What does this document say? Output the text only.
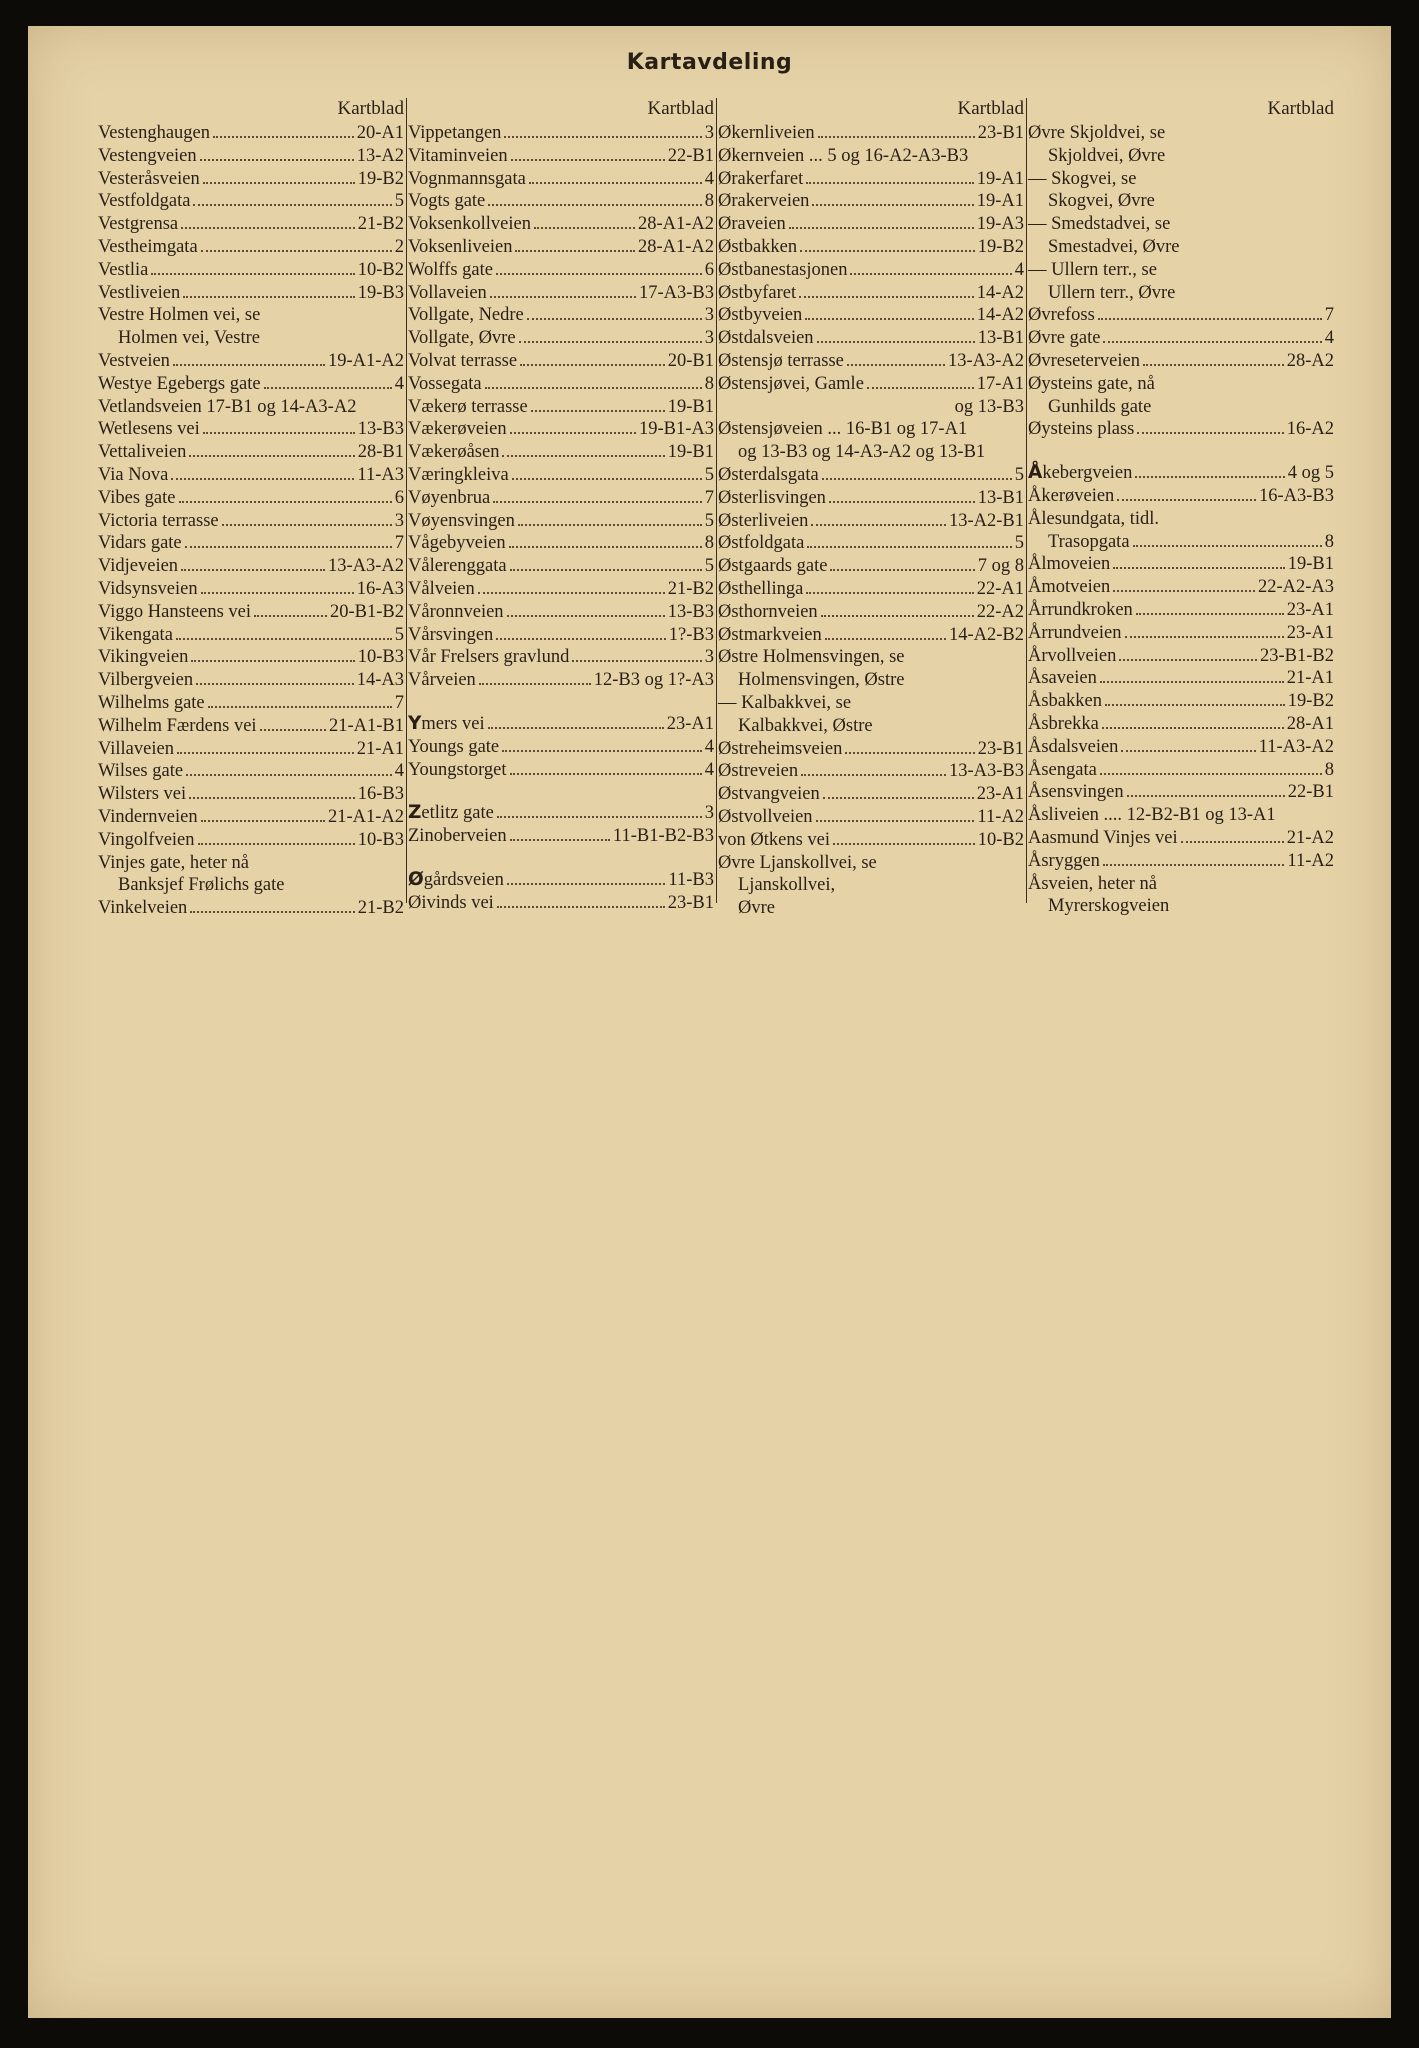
Kartavdeling
Kartblad
Vestenghaugen	20-A1
Vestengveien	13-A2
Vesteråsveien	19-B2
Vestfoldgata	5
Vestgrensa	21-B2
Vestheimgata	2
Vestlia	10-B2
Vestliveien	19-B3
Vestre Holmen vei, se
Holmen vei, Vestre
Vestveien	19-A1-A2
Westye Egebergs gate	4
Vetlandsveien 17-B1 og 14-A3-A2
Wetlesens vei	13-B3
Vettaliveien	28-B1
Via Nova	11-A3
Vibes gate	6
Victoria terrasse	3
Vidars gate	7
Vidjeveien	13-A3-A2
Vidsynsveien	16-A3
Viggo Hansteens vei	20-B1-B2
Vikengata	5
Vikingveien	10-B3
Vilbergveien	14-A3
Wilhelms gate	7
Wilhelm Færdens vei	21-A1-B1
Villaveien	21-A1
Wilses gate	4
Wilsters vei	16-B3
Vindernveien	21-A1-A2
Vingolfveien	10-B3
Vinjes gate, heter nå
Banksjef Frølichs gate
Vinkelveien	21-B2
Kartblad
Vippetangen	3
Vitaminveien	22-B1
Vognmannsgata	4
Vogts gate	8
Voksenkollveien	28-A1-A2
Voksenliveien	28-A1-A2
Wolffs gate	6
Vollaveien	17-A3-B3
Vollgate, Nedre	3
Vollgate, Øvre	3
Volvat terrasse	20-B1
Vossegata	8
Vækerø terrasse	19-B1
Vækerøveien	19-B1-A3
Vækerøåsen	19-B1
Væringkleiva	5
Vøyenbrua	7
Vøyensvingen	5
Vågebyveien	8
Vålerenggata	5
Vålveien	21-B2
Våronnveien	13-B3
Vårsvingen	1?-B3
Vår Frelsers gravlund	3
Vårveien	12-B3 og 1?-A3
Ymers vei	23-A1
Youngs gate	4
Youngstorget	4
Zetlitz gate	3
Zinoberveien	11-B1-B2-B3
Øgårdsveien	11-B3
Øivinds vei	23-B1
Kartblad
Økernliveien	23-B1
Økernveien ... 5 og 16-A2-A3-B3
Ørakerfaret	19-A1
Ørakerveien	19-A1
Øraveien	19-A3
Østbakken	19-B2
Østbanestasjonen	4
Østbyfaret	14-A2
Østbyveien	14-A2
Østdalsveien	13-B1
Østensjø terrasse	13-A3-A2
Østensjøvei, Gamle	17-A1
og 13-B3
Østensjøveien ... 16-B1 og 17-A1
og 13-B3 og 14-A3-A2 og 13-B1
Østerdalsgata	5
Østerlisvingen	13-B1
Østerliveien	13-A2-B1
Østfoldgata	5
Østgaards gate	7 og 8
Østhellinga	22-A1
Østhornveien	22-A2
Østmarkveien	14-A2-B2
Østre Holmensvingen, se
Holmensvingen, Østre
— Kalbakkvei, se
Kalbakkvei, Østre
Østreheimsveien	23-B1
Østreveien	13-A3-B3
Østvangveien	23-A1
Østvollveien	11-A2
von Øtkens vei	10-B2
Øvre Ljanskollvei, se
Ljanskollvei,
Øvre
Kartblad
Øvre Skjoldvei, se
Skjoldvei, Øvre
— Skogvei, se
Skogvei, Øvre
— Smedstadvei, se
Smestadvei, Øvre
— Ullern terr., se
Ullern terr., Øvre
Øvrefoss	7
Øvre gate	4
Øvreseterveien	28-A2
Øysteins gate, nå
Gunhilds gate
Øysteins plass	16-A2
Åkebergveien	4 og 5
Åkerøveien	16-A3-B3
Ålesundgata, tidl.
Trasopgata	8
Ålmoveien	19-B1
Åmotveien	22-A2-A3
Årrundkroken	23-A1
Årrundveien	23-A1
Årvollveien	23-B1-B2
Åsaveien	21-A1
Åsbakken	19-B2
Åsbrekka	28-A1
Åsdalsveien	11-A3-A2
Åsengata	8
Åsensvingen	22-B1
Åsliveien .... 12-B2-B1 og 13-A1
Aasmund Vinjes vei	21-A2
Åsryggen	11-A2
Åsveien, heter nå
Myrerskogveien
